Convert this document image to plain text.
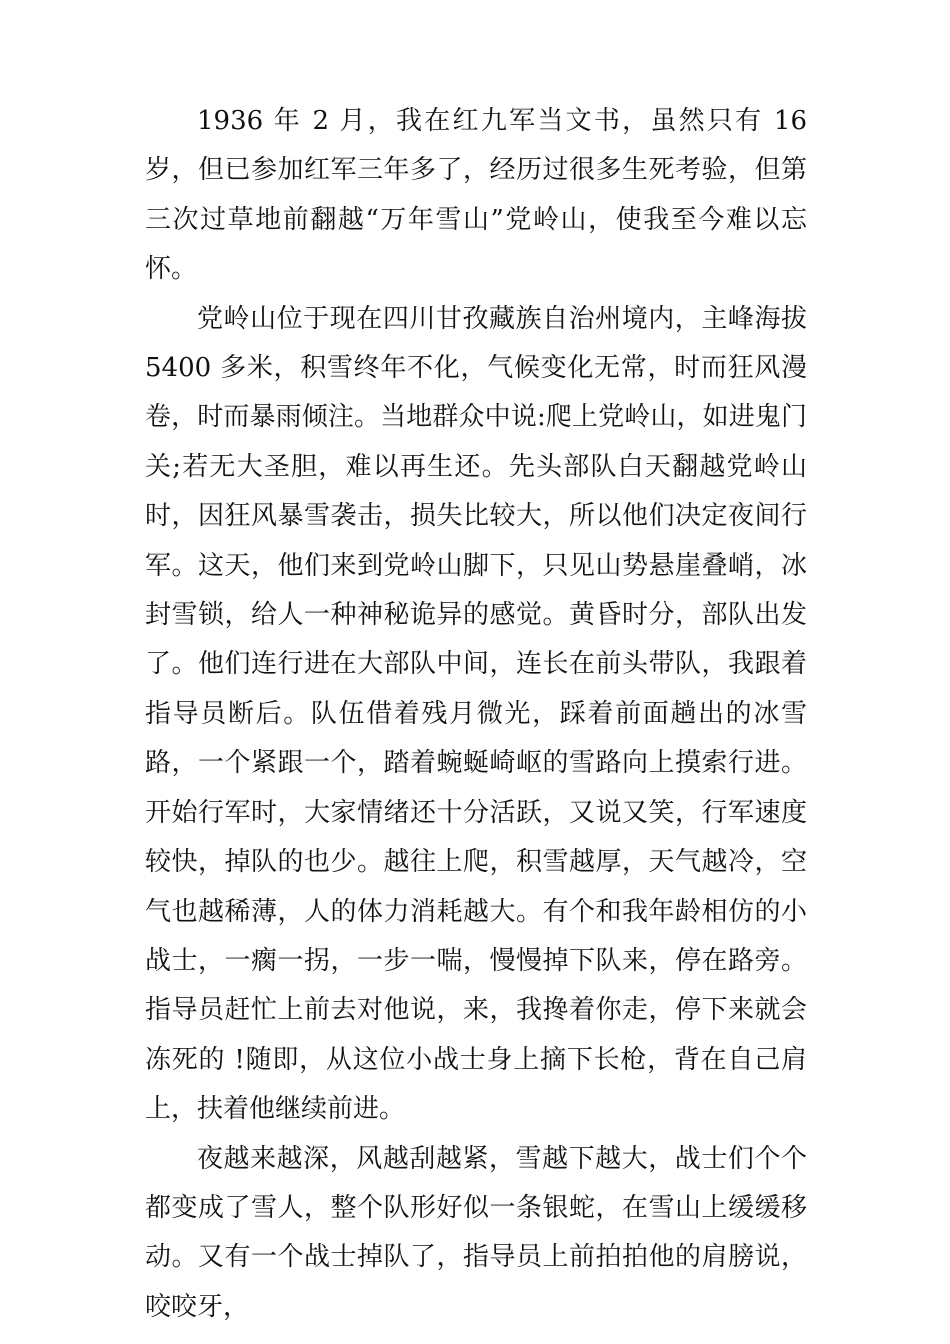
1936 年 2 月，我在红九军当文书，虽然只有 16 岁，但已参加红军三年多了，经历过很多生死考验，但第三次过草地前翻越“万年雪山”党岭山，使我至今难以忘怀。

党岭山位于现在四川甘孜藏族自治州境内，主峰海拔 5400 多米，积雪终年不化，气候变化无常，时而狂风漫卷，时而暴雨倾注。当地群众中说:爬上党岭山，如进鬼门关;若无大圣胆，难以再生还。先头部队白天翻越党岭山时，因狂风暴雪袭击，损失比较大，所以他们决定夜间行军。这天，他们来到党岭山脚下，只见山势悬崖叠峭，冰封雪锁，给人一种神秘诡异的感觉。黄昏时分，部队出发了。他们连行进在大部队中间，连长在前头带队，我跟着指导员断后。队伍借着残月微光，踩着前面趟出的冰雪路，一个紧跟一个，踏着蜿蜒崎岖的雪路向上摸索行进。开始行军时，大家情绪还十分活跃，又说又笑，行军速度较快，掉队的也少。越往上爬，积雪越厚，天气越冷，空气也越稀薄，人的体力消耗越大。有个和我年龄相仿的小战士，一瘸一拐，一步一喘，慢慢掉下队来，停在路旁。指导员赶忙上前去对他说，来，我搀着你走，停下来就会冻死的 !随即，从这位小战士身上摘下长枪，背在自己肩上，扶着他继续前进。

夜越来越深，风越刮越紧，雪越下越大，战士们个个都变成了雪人，整个队形好似一条银蛇，在雪山上缓缓移动。又有一个战士掉队了，指导员上前拍拍他的肩膀说，咬咬牙，
